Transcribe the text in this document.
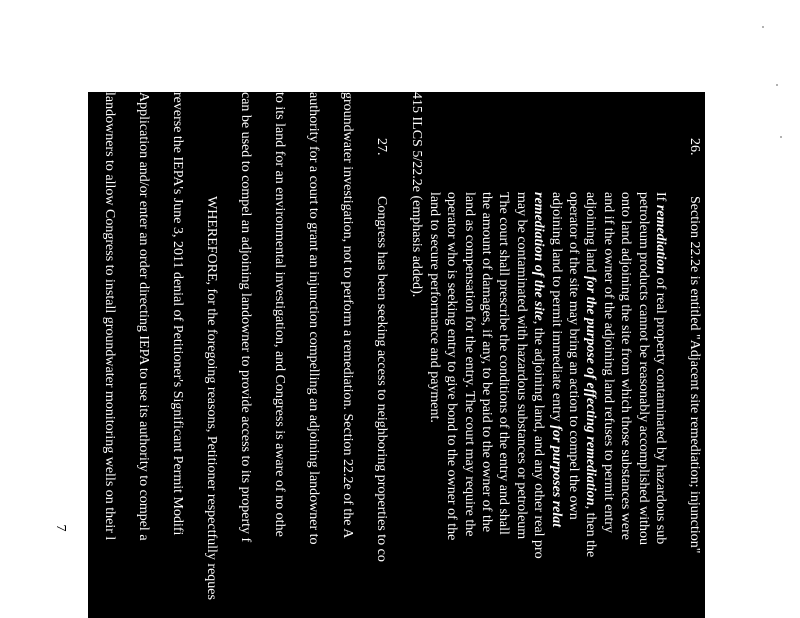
7
26.
Section 22.2e is entitled "Adjacent site remediation; injunction"
If remediation of real property contaminated by hazardous sub
petroleum products cannot be reasonably accomplished withou
onto land adjoining the site from which those substances were
and if the owner of the adjoining land refuses to permit entry
adjoining land for the purpose of effecting remediation, then the
operator of the site may bring an action to compel the own
adjoining land to permit immediate entry for purposes relat
remediation of the site, the adjoining land, and any other real pro
may be contaminated with hazardous substances or petroleum
The court shall prescribe the conditions of the entry and shall
the amount of damages, if any, to be paid to the owner of the
land as compensation for the entry. The court may require the
operator who is seeking entry to give bond to the owner of the
land to secure performance and payment.
415 ILCS 5/22.2e (emphasis added).
27.
Congress has been seeking access to neighboring properties to co
groundwater investigation, not to perform a remediation. Section 22.2e of the A
authority for a court to grant an injunction compelling an adjoining landowner to
to its land for an environmental investigation, and Congress is aware of no othe
can be used to compel an adjoining landowner to provide access to its property f
WHEREFORE, for the foregoing reasons, Petitioner respectfully reques
reverse the IEPA's June 3, 2011 denial of Petitioner's Significant Permit Modifi
Application and/or enter an order directing IEPA to use its authority to compel a
landowners to allow Congress to install groundwater monitoring wells on their l
